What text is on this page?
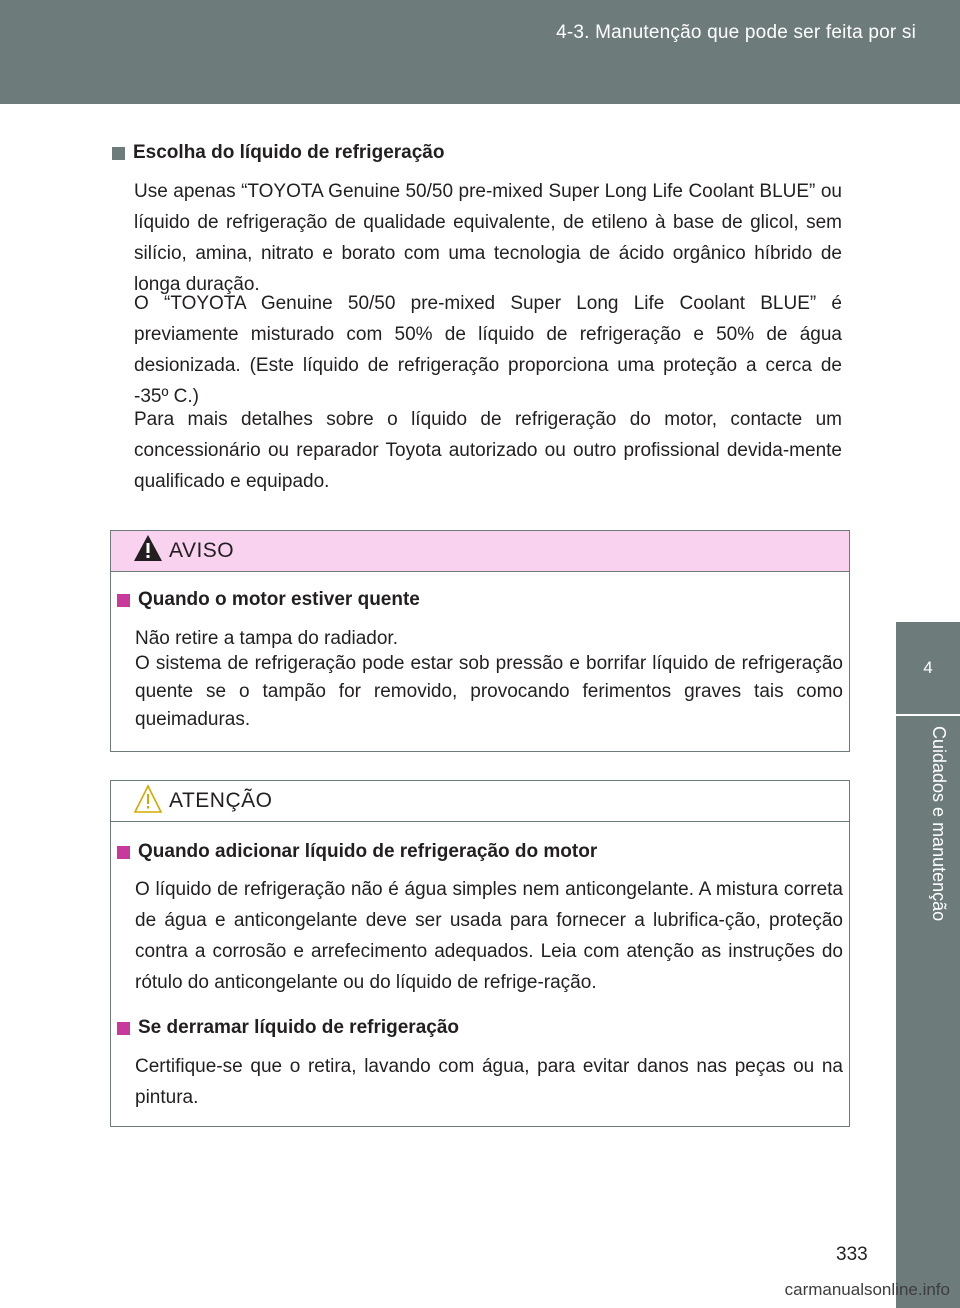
4-3. Manutenção que pode ser feita por si
4
Cuidados e manutenção
Escolha do líquido de refrigeração
Use apenas “TOYOTA Genuine 50/50 pre-mixed Super Long Life Coolant BLUE” ou líquido de refrigeração de qualidade equivalente, de etileno à base de glicol, sem silício, amina, nitrato e borato com uma tecnologia de ácido orgânico híbrido de longa duração.
O “TOYOTA Genuine 50/50 pre-mixed Super Long Life Coolant BLUE” é previamente misturado com 50% de líquido de refrigeração e 50% de água desionizada. (Este líquido de refrigeração proporciona uma proteção a cerca de -35º C.)
Para mais detalhes sobre o líquido de refrigeração do motor, contacte um concessionário ou reparador Toyota autorizado ou outro profissional devida-mente qualificado e equipado.
AVISO
Quando o motor estiver quente
Não retire a tampa do radiador.
O sistema de refrigeração pode estar sob pressão e borrifar líquido de refrigeração quente se o tampão for removido, provocando ferimentos graves tais como queimaduras.
ATENÇÃO
Quando adicionar líquido de refrigeração do motor
O líquido de refrigeração não é água simples nem anticongelante. A mistura correta de água e anticongelante deve ser usada para fornecer a lubrifica-ção, proteção contra a corrosão e arrefecimento adequados. Leia com atenção as instruções do rótulo do anticongelante ou do líquido de refrige-ração.
Se derramar líquido de refrigeração
Certifique-se que o retira, lavando com água, para evitar danos nas peças ou na pintura.
333
carmanualsonline.info
